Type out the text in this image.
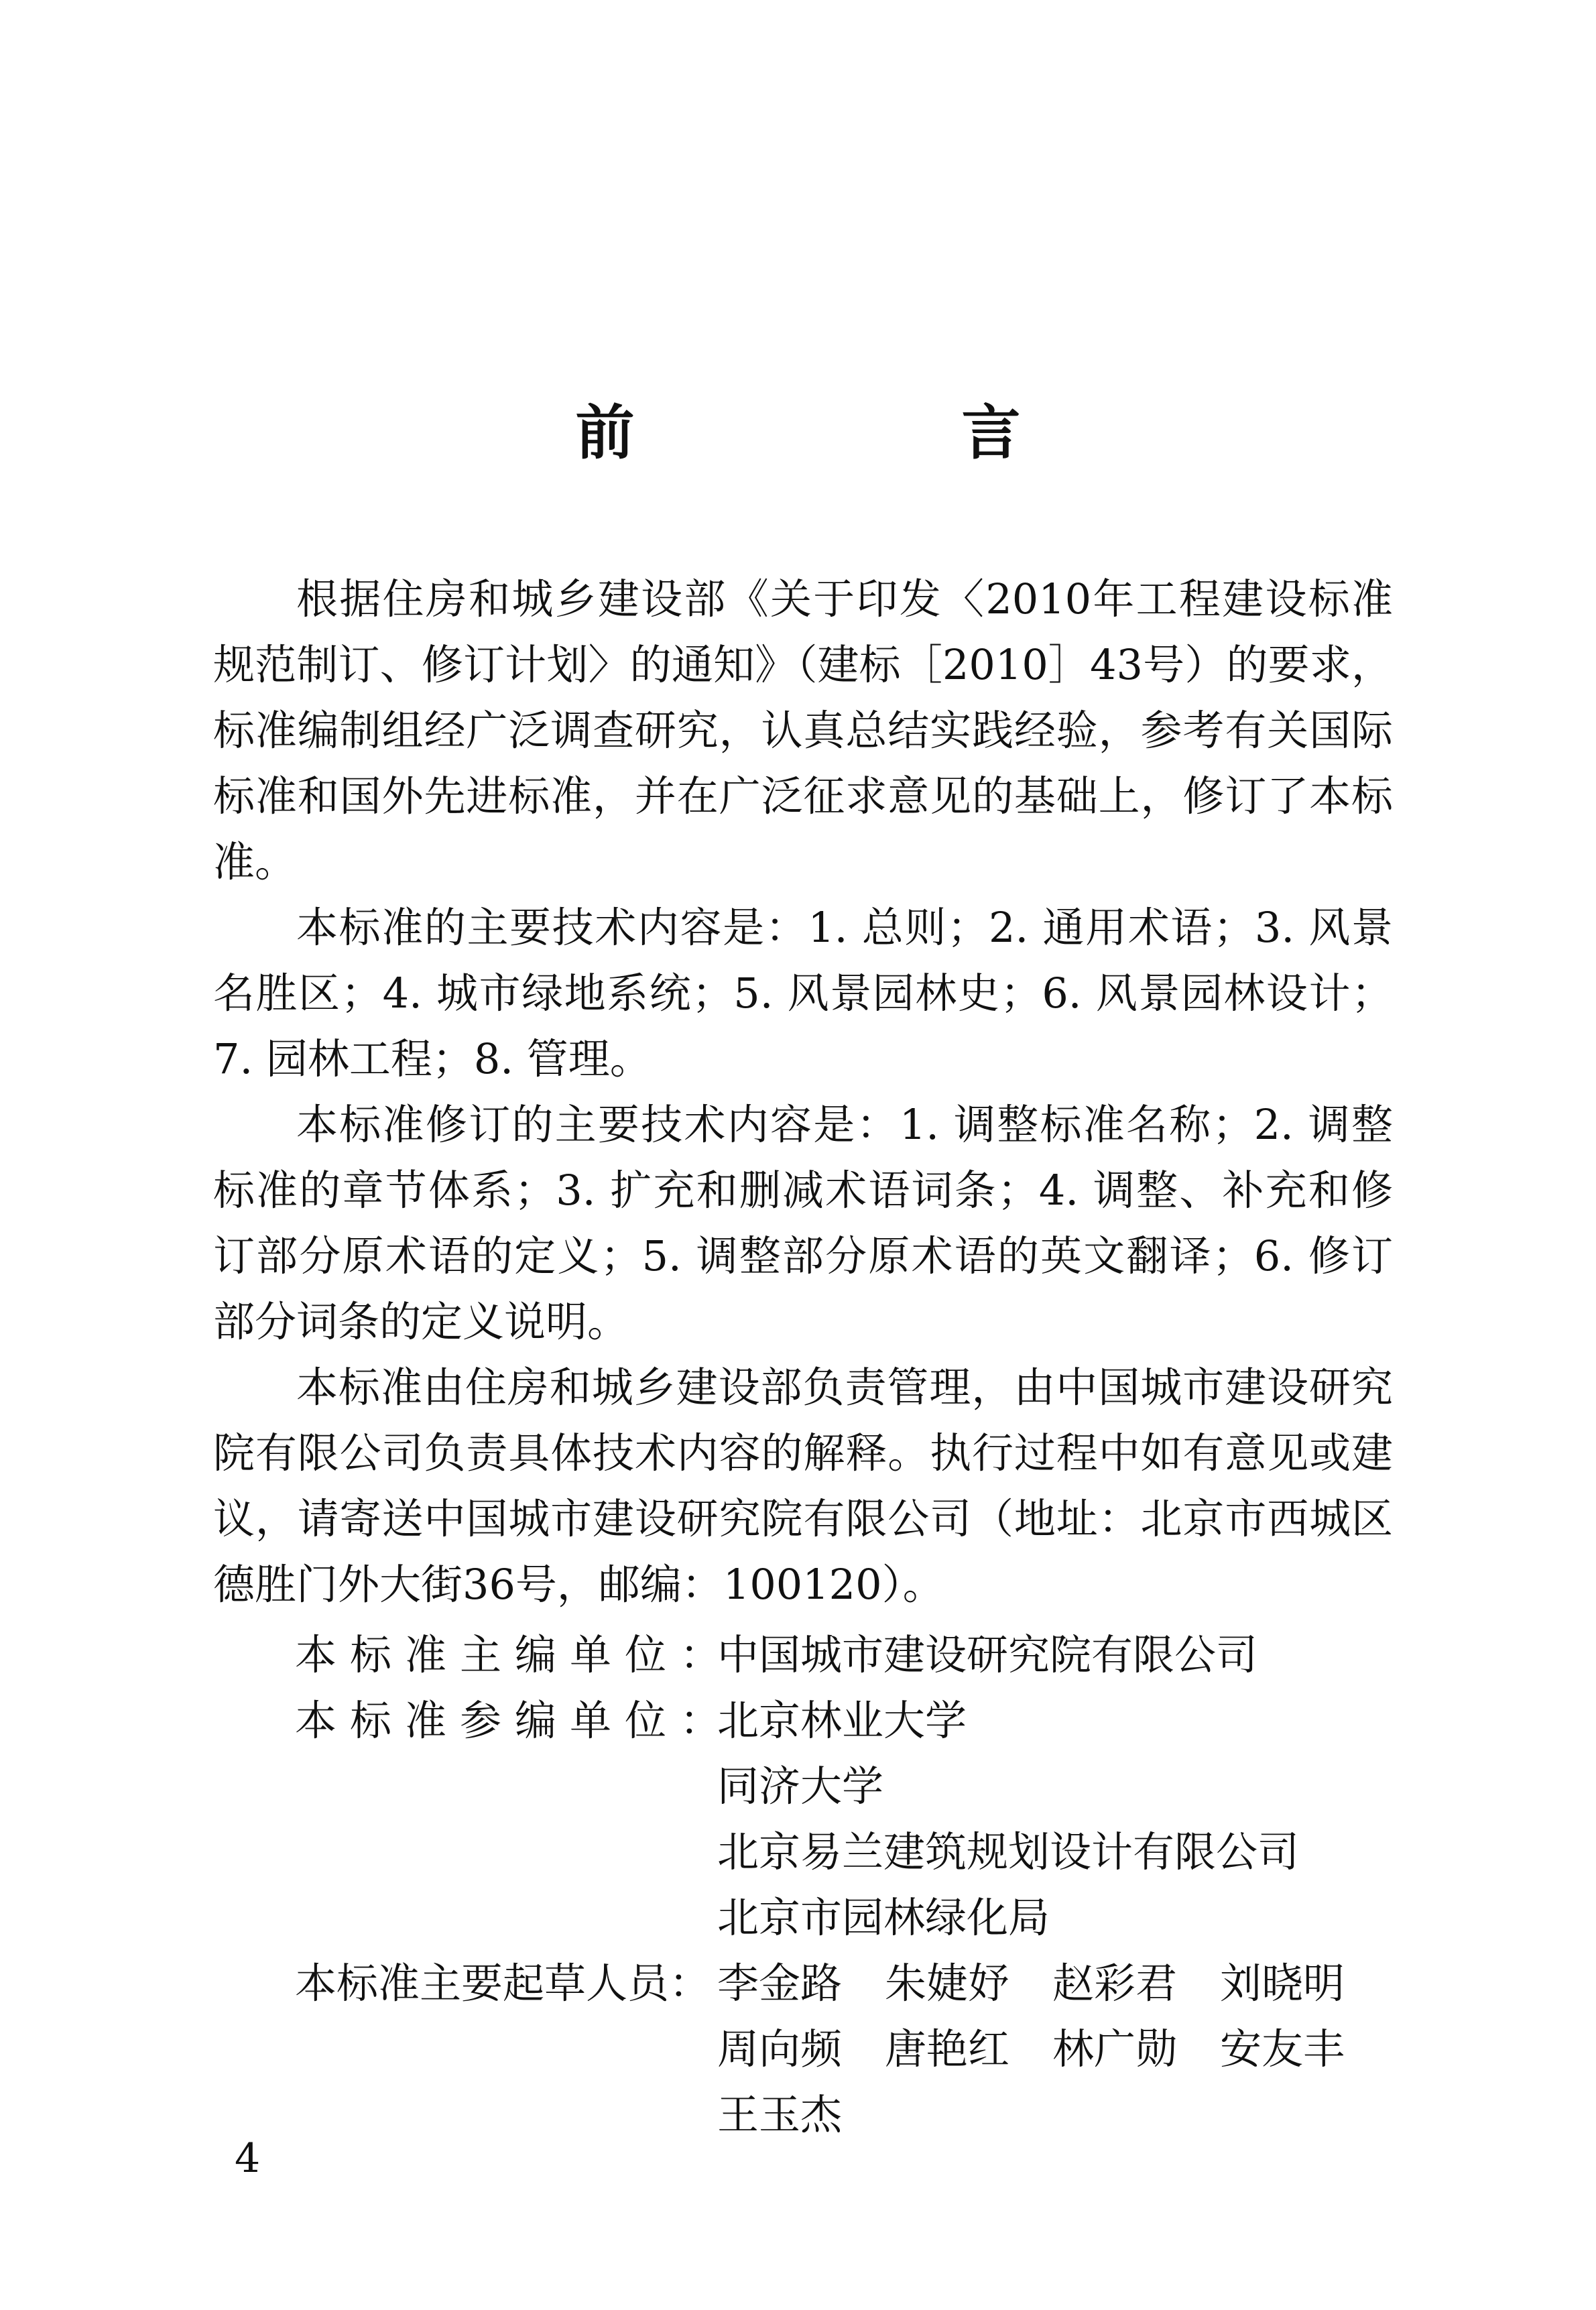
前　言

根据住房和城乡建设部《关于印发〈2010年工程建设标准规范制订、修订计划〉的通知》（建标［2010］43号）的要求，标准编制组经广泛调查研究，认真总结实践经验，参考有关国际标准和国外先进标准，并在广泛征求意见的基础上，修订了本标准。

本标准的主要技术内容是：1. 总则；2. 通用术语；3. 风景名胜区；4. 城市绿地系统；5. 风景园林史；6. 风景园林设计；7. 园林工程；8. 管理。

本标准修订的主要技术内容是：1. 调整标准名称；2. 调整标准的章节体系；3. 扩充和删减术语词条；4. 调整、补充和修订部分原术语的定义；5. 调整部分原术语的英文翻译；6. 修订部分词条的定义说明。

本标准由住房和城乡建设部负责管理，由中国城市建设研究院有限公司负责具体技术内容的解释。执行过程中如有意见或建议，请寄送中国城市建设研究院有限公司（地址：北京市西城区德胜门外大街36号，邮编：100120）。

本标准主编单位：
中国城市建设研究院有限公司
本标准参编单位：
北京林业大学
同济大学
北京易兰建筑规划设计有限公司
北京市园林绿化局
本标准主要起草人员： 李金路	朱婕妤	赵彩君	刘晓明
周向频	唐艳红	林广勋	安友丰
王玉杰
4
